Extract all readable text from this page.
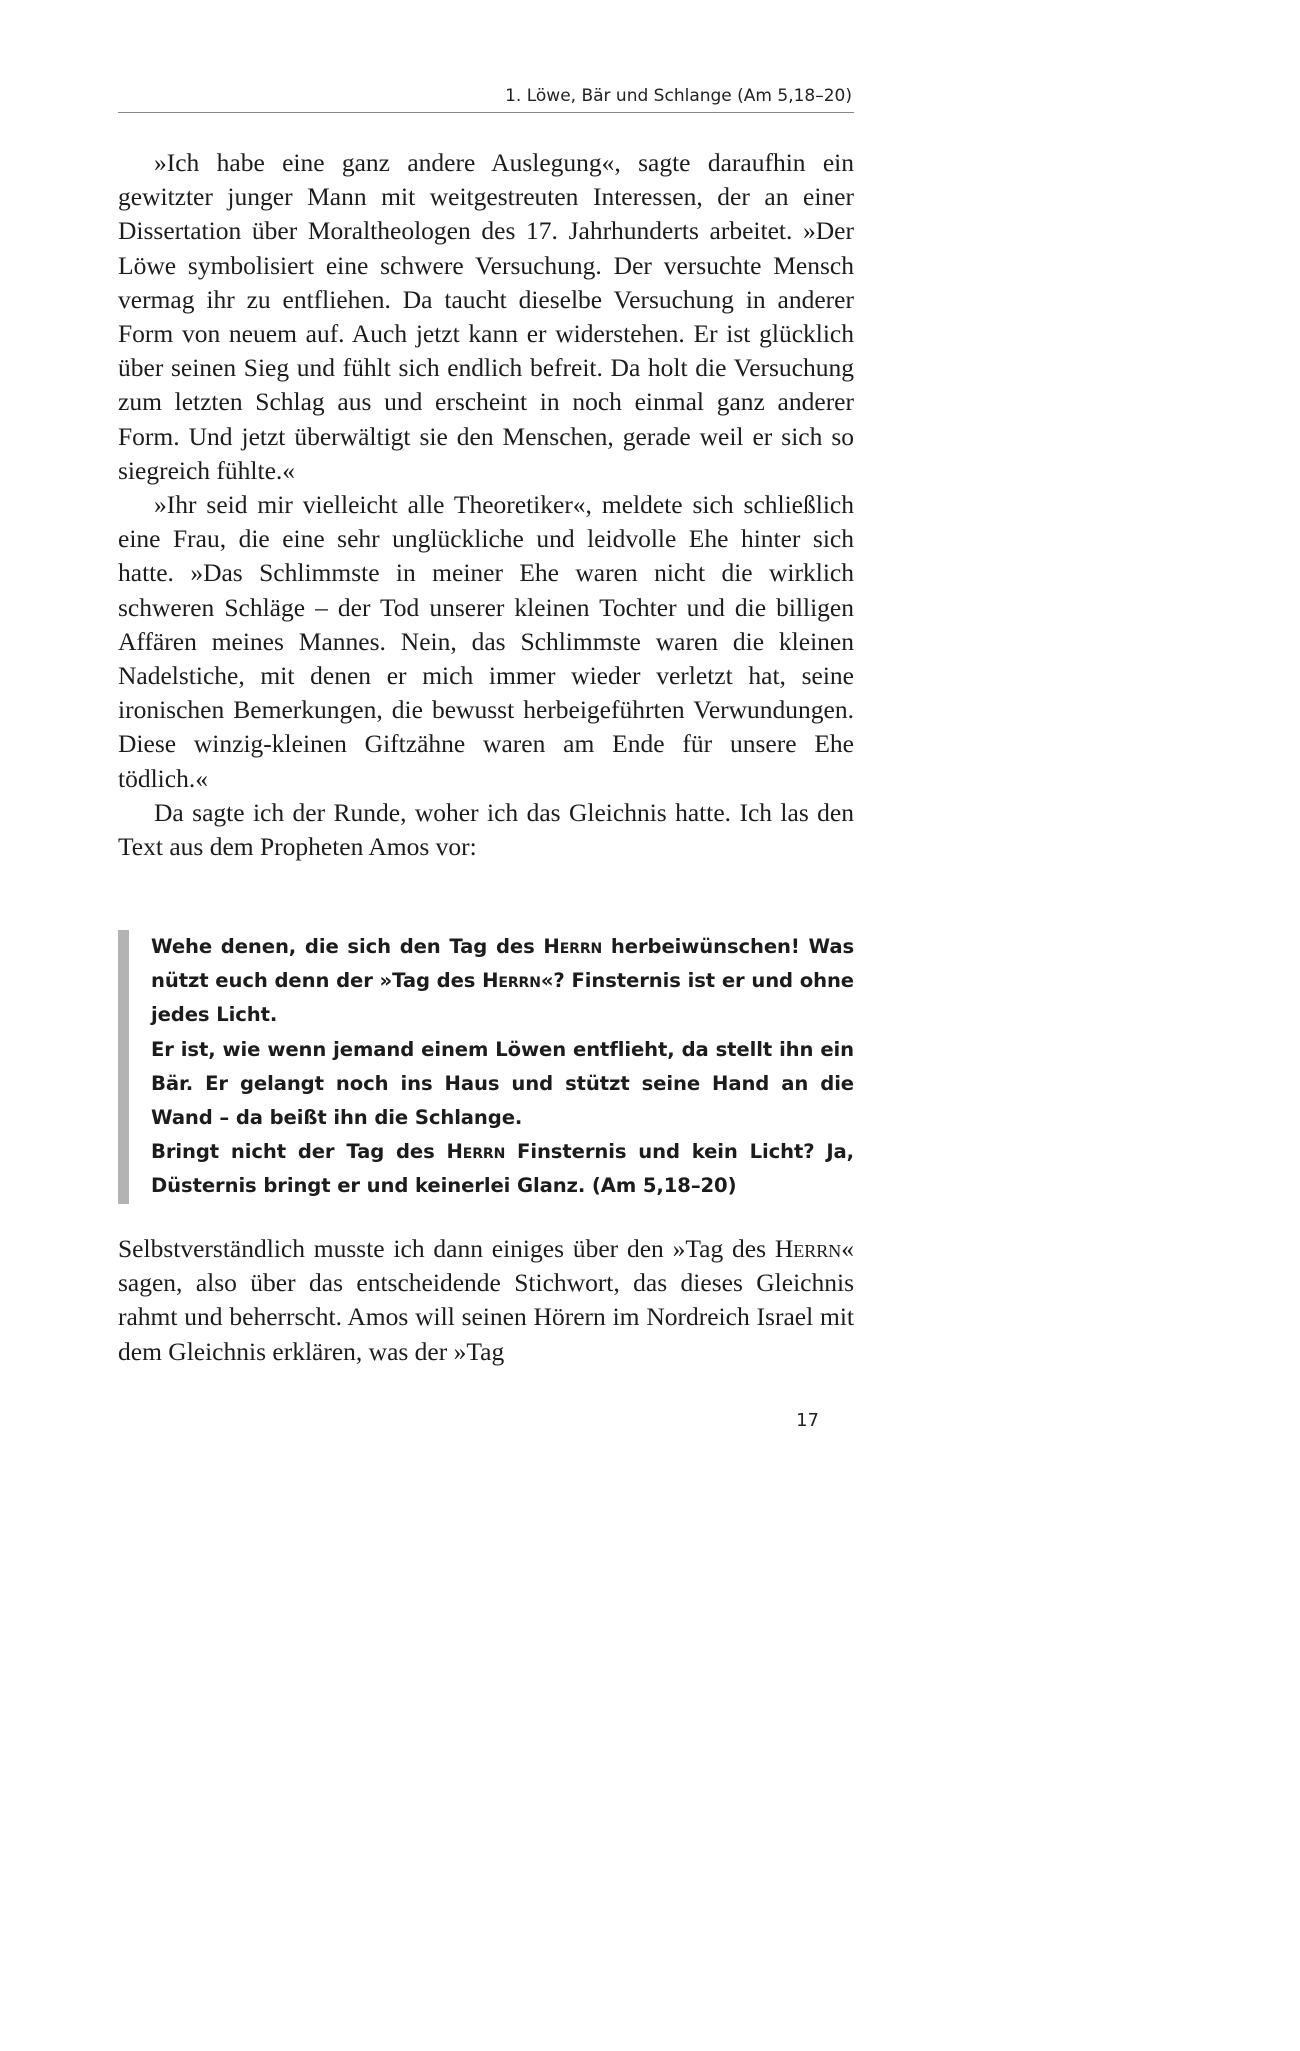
1. Löwe, Bär und Schlange (Am 5,18–20)

»Ich habe eine ganz andere Auslegung«, sagte daraufhin ein gewitzter junger Mann mit weitgestreuten Interessen, der an einer Dissertation über Moraltheologen des 17. Jahrhunderts arbeitet. »Der Löwe symbolisiert eine schwere Versuchung. Der versuchte Mensch vermag ihr zu entfliehen. Da taucht dieselbe Versuchung in anderer Form von neuem auf. Auch jetzt kann er widerstehen. Er ist glücklich über seinen Sieg und fühlt sich endlich befreit. Da holt die Versuchung zum letzten Schlag aus und erscheint in noch einmal ganz anderer Form. Und jetzt überwältigt sie den Menschen, gerade weil er sich so siegreich fühlte.«

»Ihr seid mir vielleicht alle Theoretiker«, meldete sich schließlich eine Frau, die eine sehr unglückliche und leidvolle Ehe hinter sich hatte. »Das Schlimmste in meiner Ehe waren nicht die wirklich schweren Schläge – der Tod unserer kleinen Tochter und die billigen Affären meines Mannes. Nein, das Schlimmste waren die kleinen Nadelstiche, mit denen er mich immer wieder verletzt hat, seine ironischen Bemerkungen, die bewusst herbeigeführten Verwundungen. Diese winzig-kleinen Giftzähne waren am Ende für unsere Ehe tödlich.«

Da sagte ich der Runde, woher ich das Gleichnis hatte. Ich las den Text aus dem Propheten Amos vor:

Wehe denen, die sich den Tag des Herrn herbeiwünschen! Was nützt euch denn der »Tag des Herrn«? Finsternis ist er und ohne jedes Licht.

Er ist, wie wenn jemand einem Löwen entflieht, da stellt ihn ein Bär. Er gelangt noch ins Haus und stützt seine Hand an die Wand – da beißt ihn die Schlange.

Bringt nicht der Tag des Herrn Finsternis und kein Licht? Ja, Düsternis bringt er und keinerlei Glanz. (Am 5,18–20)

Selbstverständlich musste ich dann einiges über den »Tag des Herrn« sagen, also über das entscheidende Stichwort, das dieses Gleichnis rahmt und beherrscht. Amos will seinen Hörern im Nordreich Israel mit dem Gleichnis erklären, was der »Tag

17
